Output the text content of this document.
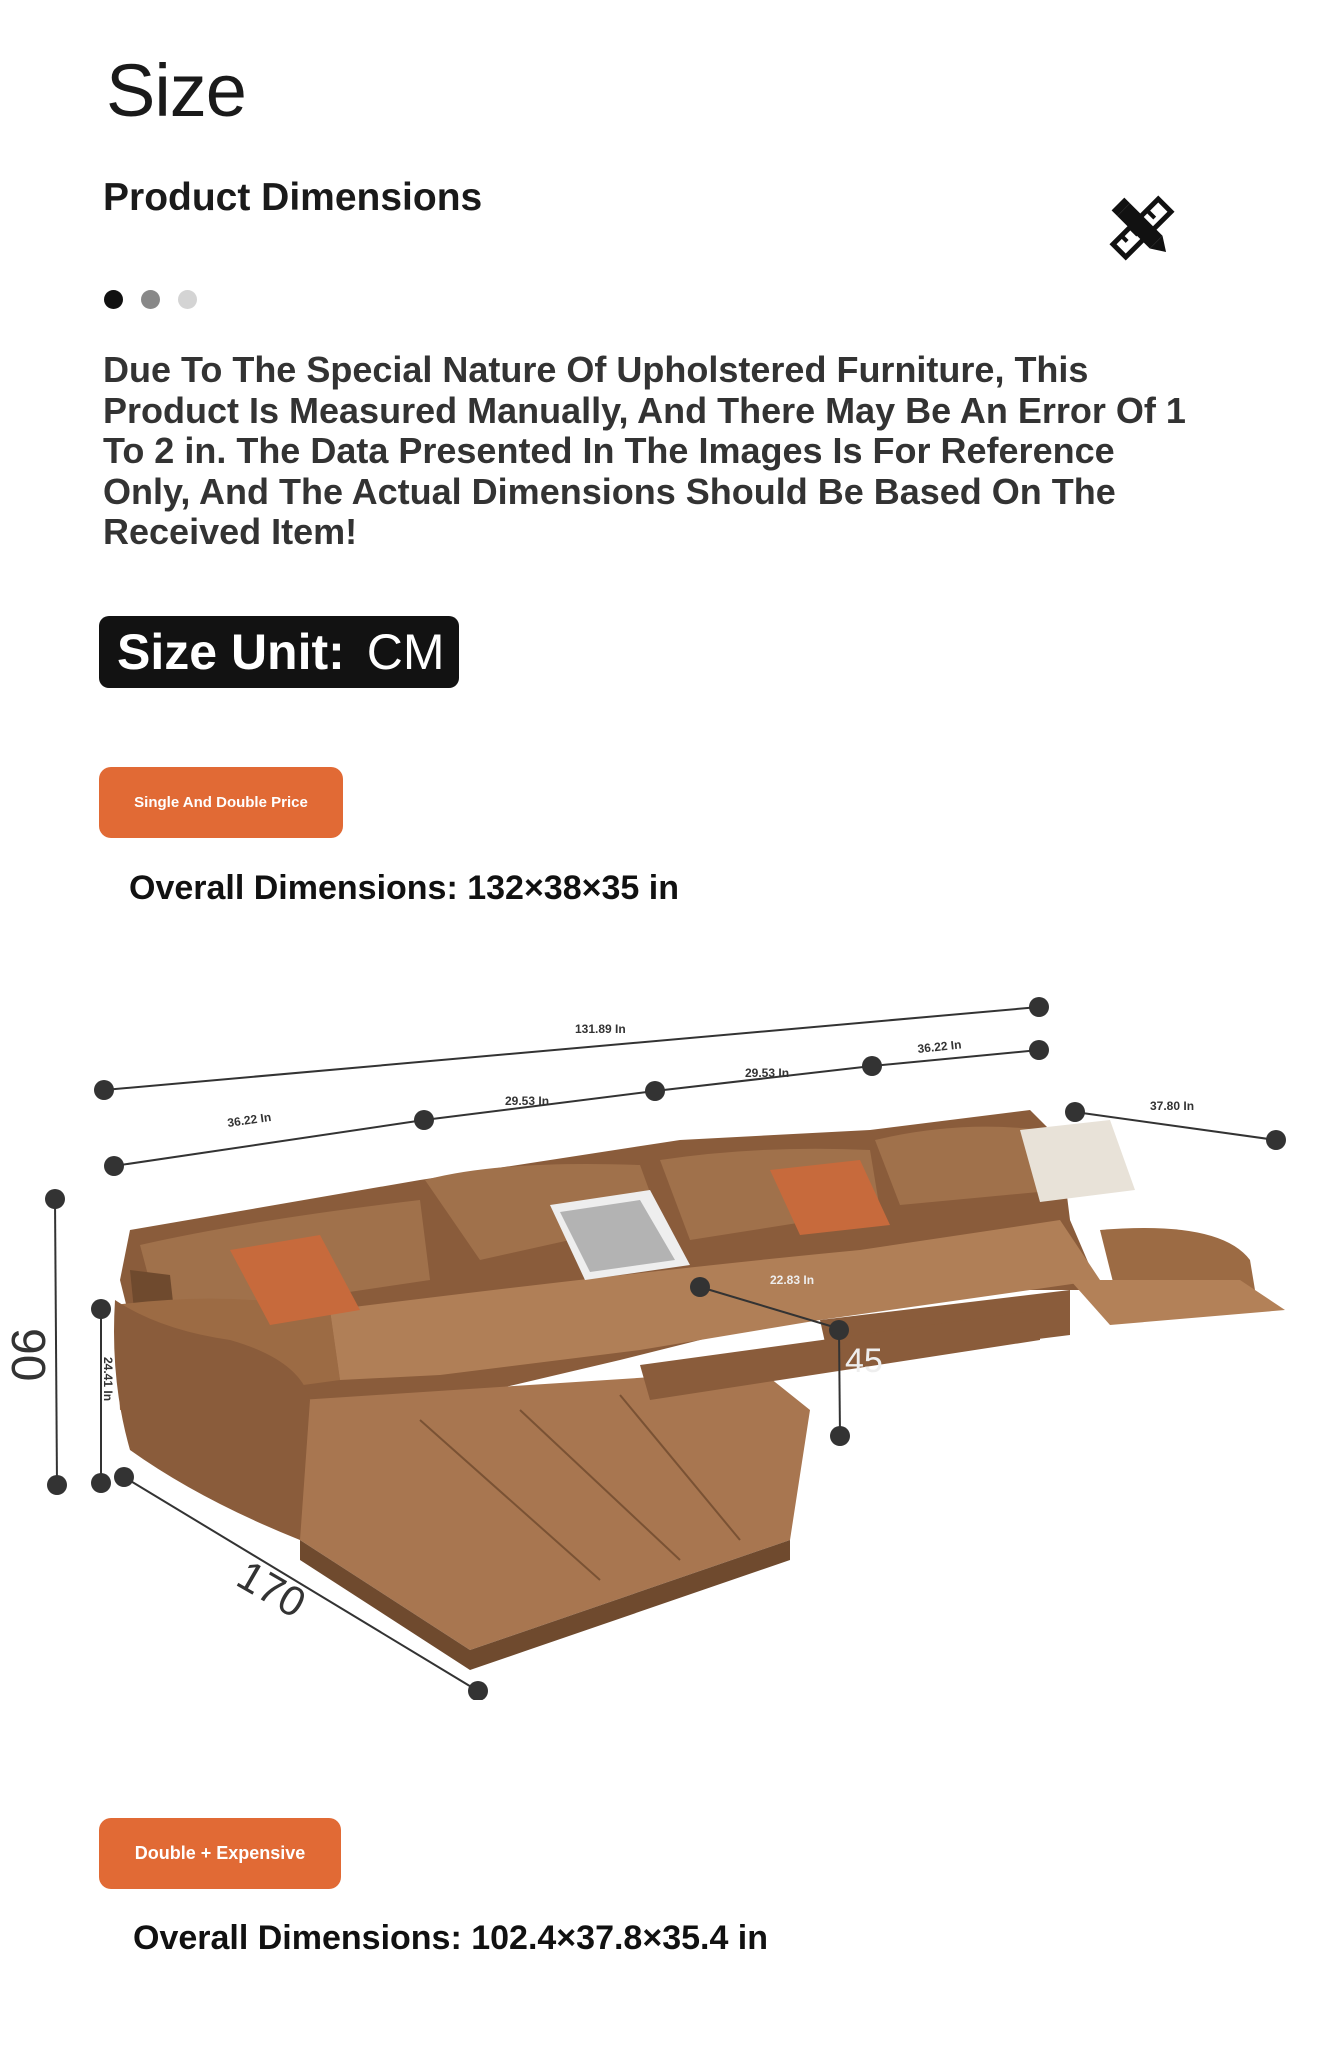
Size
Product Dimensions

Due To The Special Nature Of Upholstered Furniture, This Product Is Measured Manually, And There May Be An Error Of 1 To 2 in. The Data Presented In The Images Is For Reference Only, And The Actual Dimensions Should Be Based On The Received Item!

Size Unit: CM
Single And Double Price

Overall Dimensions: 132×38×35 in

131.89 In
36.22 In
29.53 In
29.53 In
36.22 In
37.80 In
22.83 In
24.41 In
90	45
170
Double + Expensive

Overall Dimensions: 102.4×37.8×35.4 in
